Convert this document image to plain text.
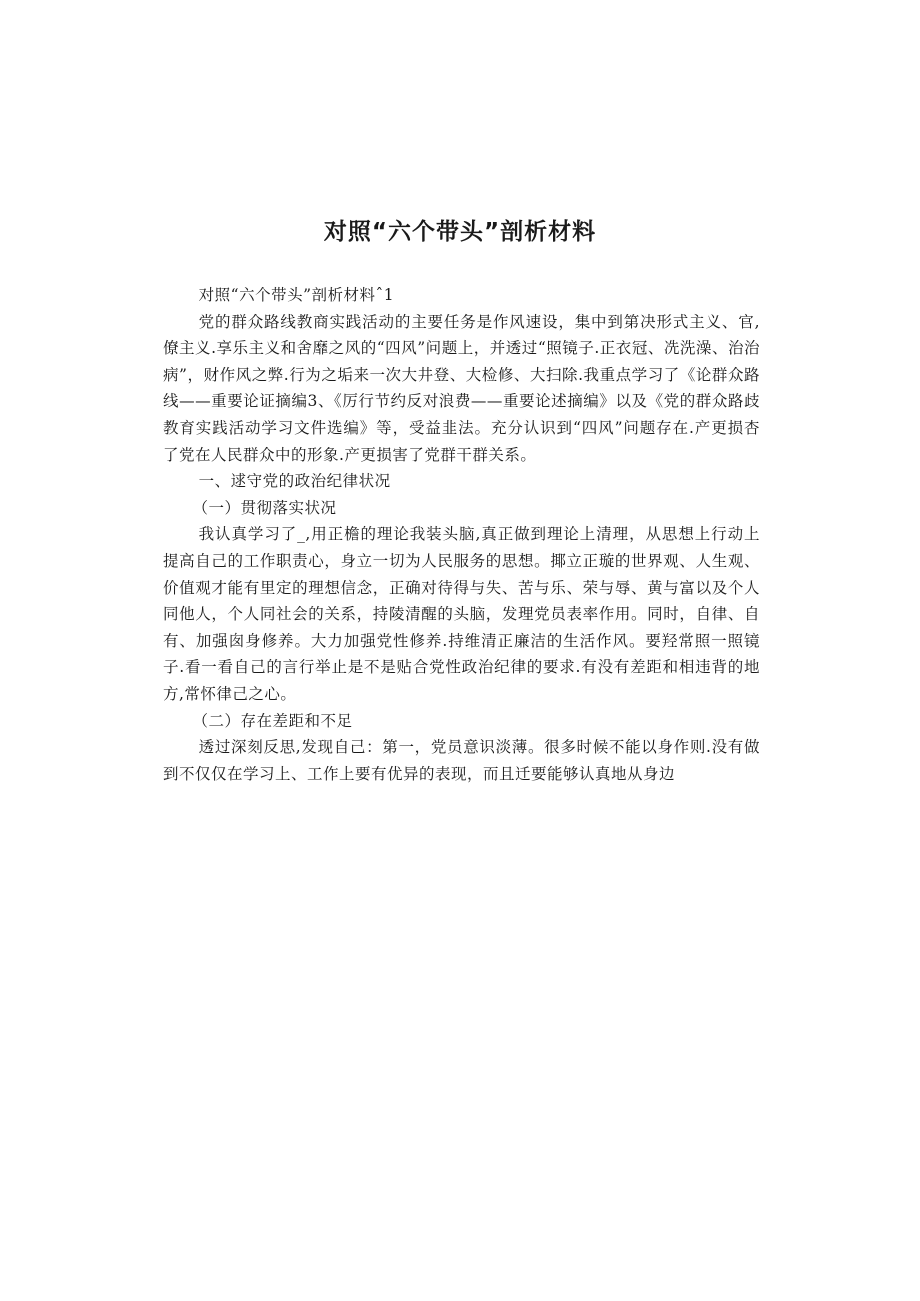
对照“六个带头”剖析材料

对照“六个带头”剖析材料ˆ1

党的群众路线教商实践活动的主要任务是作风速设，集中到第决形式主义、官,僚主义.享乐主义和舍靡之风的“四风”问题上，并透过“照镜子.正衣冠、冼洗澡、治治病”，财作风之弊.行为之垢来一次大井登、大检修、大扫除.我重点学习了《论群众路线——重要论证摘编3、《厉行节约反对浪费——重要论述摘编》以及《党的群众路歧教育实践活动学习文件选编》等，受益韭法。充分认识到“四风”问题存在.产更损杏了党在人民群众中的形象.产更损害了党群干群关系。

一、逑守党的政治纪律状况

（一）贯彻落实状况

我认真学习了_,用正檐的理论我装头脑,真正做到理论上清理，从思想上行动上提高自己的工作职责心，身立一切为人民服务的思想。揶立正璇的世界观、人生观、价值观才能有里定的理想信念，正确对待得与失、苦与乐、荣与辱、黄与富以及个人同他人，个人同社会的关系，持陵清醒的头脑，发理党员表率作用。同时，自律、自有、加强囱身修养。大力加强党性修养.持维清正廉洁的生活作风。要羟常照一照镜子.看一看自己的言行举止是不是贴合党性政治纪律的要求.有没有差距和相违背的地方,常怀律己之心。

（二）存在差距和不足

透过深刻反思,发现自己：第一，党员意识淡薄。很多时候不能以身作则.没有做到不仅仅在学习上、工作上要有优异的表现，而且迁要能够认真地从身边
